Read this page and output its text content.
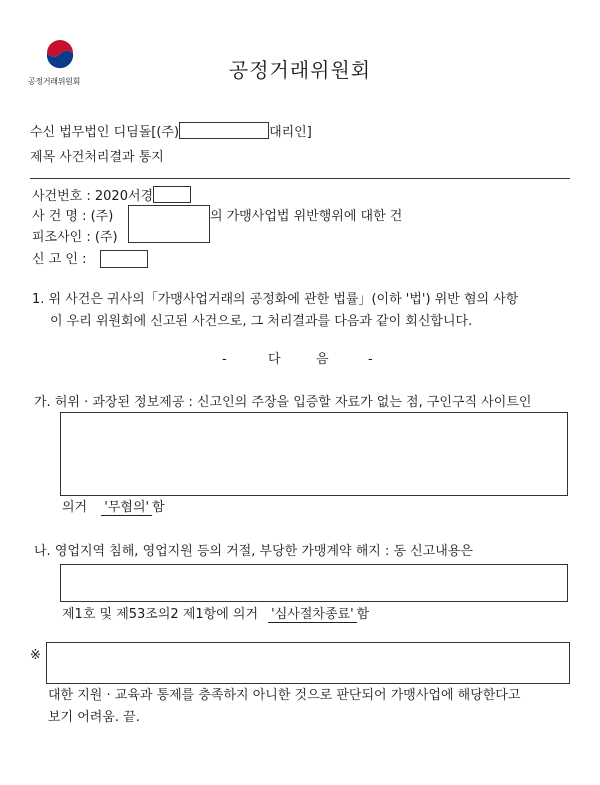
공정거래위원회	공정거래위원회
수신 법무법인 디딤돌[(주)	대리인]
제목 사건처리결과 통지
사건번호 : 2020서경
사 건 명 : (주)	의 가맹사업법 위반행위에 대한 건
피조사인 : (주)
신 고 인 :
1. 위 사건은 귀사의「가맹사업거래의 공정화에 관한 법률」(이하 '법') 위반 혐의 사항
이 우리 위원회에 신고된 사건으로, 그 처리결과를 다음과 같이 회신합니다.
-	다	음	-
가. 허위 · 과장된 정보제공 : 신고인의 주장을 입증할 자료가 없는 점, 구인구직 사이트인
의거 '무혐의' 함
나. 영업지역 침해, 영업지원 등의 거절, 부당한 가맹계약 해지 : 동 신고내용은
제1호 및 제53조의2 제1항에 의거 '심사절차종료' 함
※
대한 지원 · 교육과 통제를 충족하지 아니한 것으로 판단되어 가맹사업에 해당한다고
보기 어려움. 끝.
